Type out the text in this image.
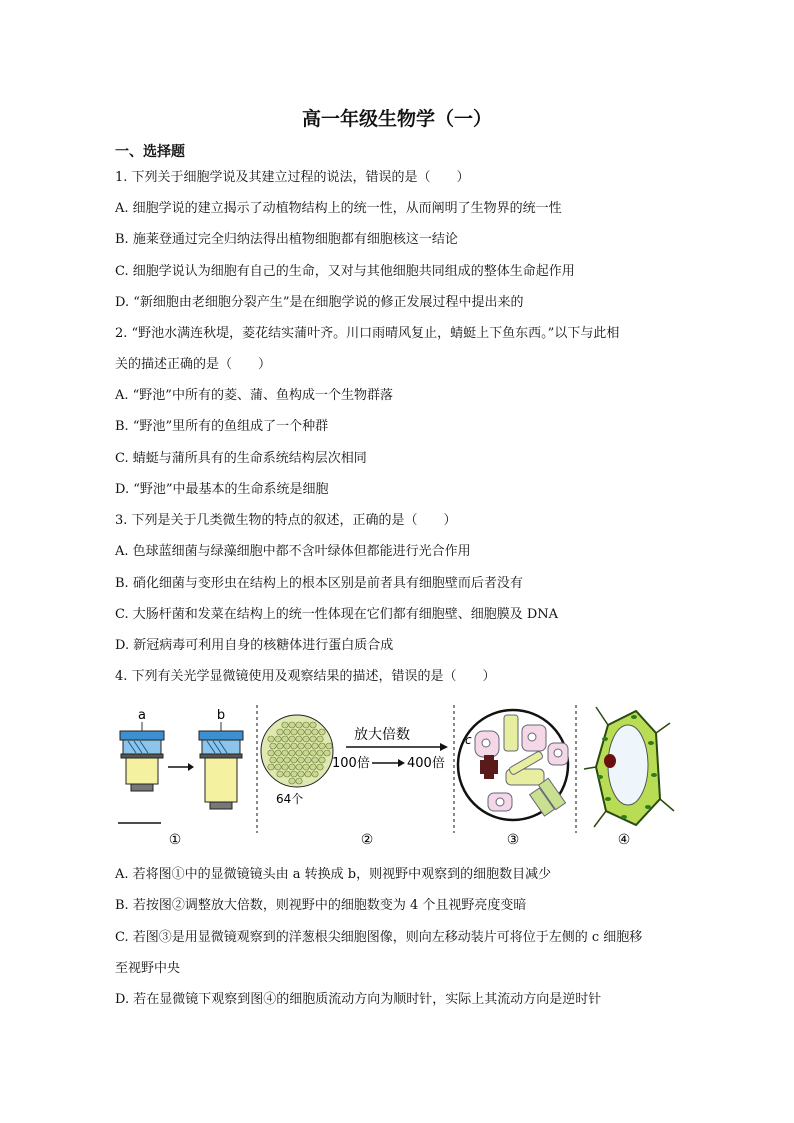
高一年级生物学（一）
一、选择题
1. 下列关于细胞学说及其建立过程的说法，错误的是（　　）
A. 细胞学说的建立揭示了动植物结构上的统一性，从而阐明了生物界的统一性
B. 施莱登通过完全归纳法得出植物细胞都有细胞核这一结论
C. 细胞学说认为细胞有自己的生命，又对与其他细胞共同组成的整体生命起作用
D. “新细胞由老细胞分裂产生”是在细胞学说的修正发展过程中提出来的
2. “野池水满连秋堤，菱花结实蒲叶齐。川口雨晴风复止，蜻蜓上下鱼东西。”以下与此相
关的描述正确的是（　　）
A. “野池”中所有的菱、蒲、鱼构成一个生物群落
B. “野池”里所有的鱼组成了一个种群
C. 蜻蜓与蒲所具有的生命系统结构层次相同
D. “野池”中最基本的生命系统是细胞
3. 下列是关于几类微生物的特点的叙述，正确的是（　　）
A. 色球蓝细菌与绿藻细胞中都不含叶绿体但都能进行光合作用
B. 硝化细菌与变形虫在结构上的根本区别是前者具有细胞壁而后者没有
C. 大肠杆菌和发菜在结构上的统一性体现在它们都有细胞壁、细胞膜及 DNA
D. 新冠病毒可利用自身的核糖体进行蛋白质合成
4. 下列有关光学显微镜使用及观察结果的描述，错误的是（　　）
a	b
①
64个
放大倍数
100倍	400倍
②
c
③	④
A. 若将图①中的显微镜镜头由 a 转换成 b，则视野中观察到的细胞数目减少
B. 若按图②调整放大倍数，则视野中的细胞数变为 4 个且视野亮度变暗
C. 若图③是用显微镜观察到的洋葱根尖细胞图像，则向左移动装片可将位于左侧的 c 细胞移
至视野中央
D. 若在显微镜下观察到图④的细胞质流动方向为顺时针，实际上其流动方向是逆时针
